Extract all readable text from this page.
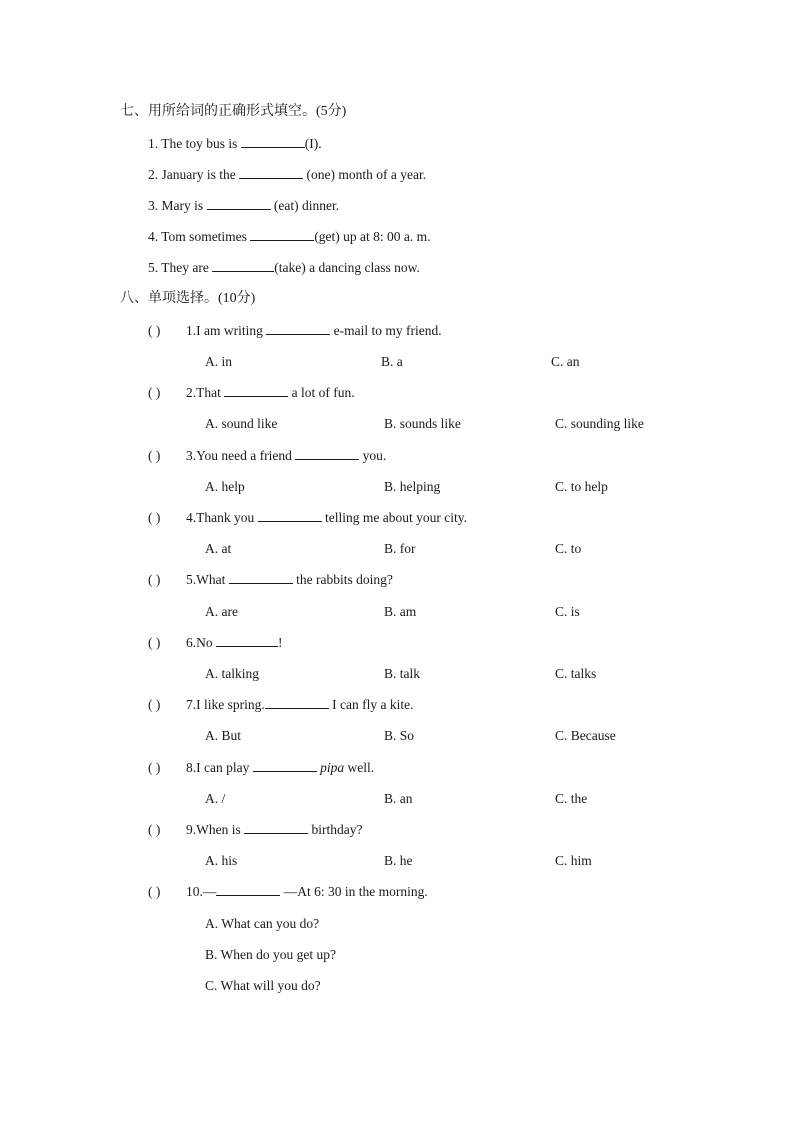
七、用所给词的正确形式填空。(5分)
1. The toy bus is	(I).
2. January is the	(one) month of a year.
3. Mary is	(eat) dinner.
4. Tom sometimes	(get) up at 8: 00 a. m.
5. They are	(take) a dancing class now.
八、单项选择。(10分)
( ) 1.I am writing	e-mail to my friend.
A. in	B. a	C. an
( ) 2.That	a lot of fun.
A. sound like	B. sounds like	C. sounding like
( ) 3.You need a friend	you.
A. help	B. helping	C. to help
( ) 4.Thank you	telling me about your city.
A. at	B. for	C. to
( ) 5.What	the rabbits doing?
A. are	B. am	C. is
( ) 6.No	!
A. talking	B. talk	C. talks
( ) 7.I like spring.	I can fly a kite.
A. But	B. So	C. Because
( ) 8.I can play	pipa well.
A. /	B. an	C. the
( ) 9.When is	birthday?
A. his	B. he	C. him
( ) 10.—	—At 6: 30 in the morning.
A. What can you do?
B. When do you get up?
C. What will you do?
